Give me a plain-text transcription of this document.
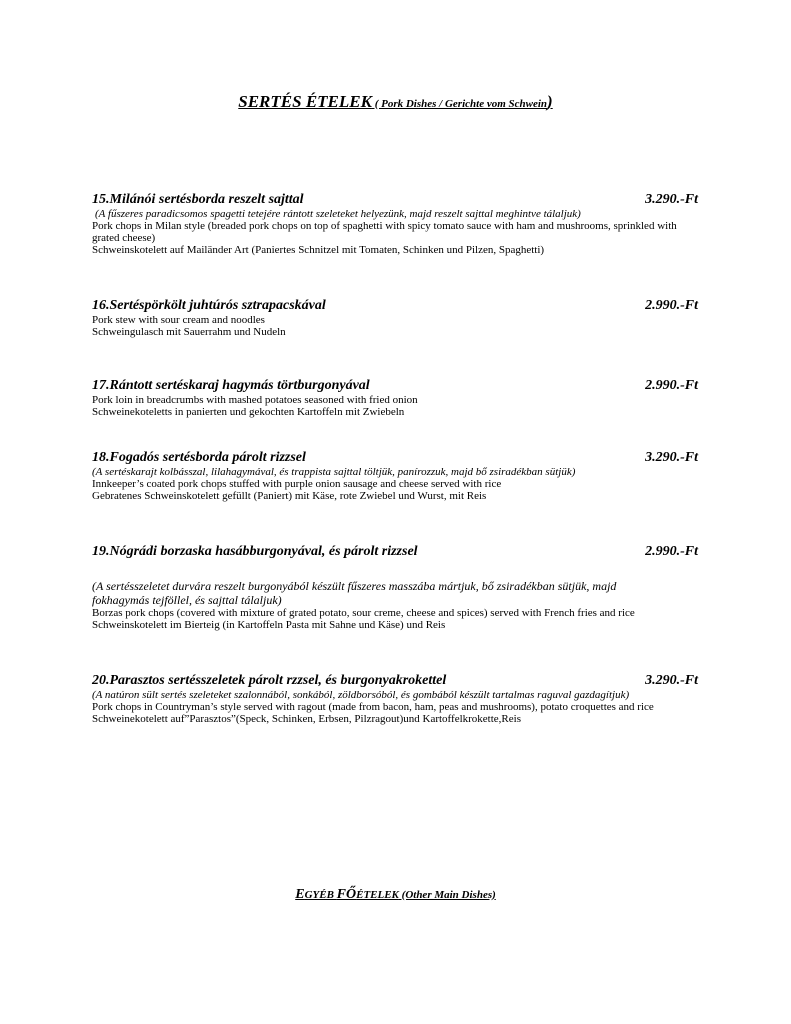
SERTÉS ÉTELEK ( Pork Dishes / Gerichte vom Schwein)
15.Milánói sertésborda reszelt sajttal	3.290.-Ft
(A fűszeres paradicsomos spagetti tetejére rántott szeleteket helyezünk, majd reszelt sajttal meghintve tálaljuk)
Pork chops in Milan style (breaded pork chops on top of spaghetti with spicy tomato sauce with ham and mushrooms, sprinkled with grated cheese)
Schweinskotelett auf Mailänder Art (Paniertes Schnitzel mit Tomaten, Schinken und Pilzen, Spaghetti)
16.Sertéspörkölt juhtúrós sztrapacskával	2.990.-Ft
Pork stew with sour cream and noodles
Schweingulasch mit Sauerrahm und Nudeln
17.Rántott sertéskaraj hagymás törtburgonyával	2.990.-Ft
Pork loin in breadcrumbs with mashed potatoes seasoned with fried onion
Schweinekoteletts in panierten und gekochten Kartoffeln mit Zwiebeln
18.Fogadós sertésborda párolt rizzsel	3.290.-Ft
(A sertéskarajt kolbásszal, lilahagymával, és trappista sajttal töltjük, panírozzuk, majd bő zsiradékban sütjük)
Innkeeper’s coated pork chops stuffed with purple onion sausage and cheese served with rice
Gebratenes Schweinskotelett gefüllt (Paniert) mit Käse, rote Zwiebel und Wurst, mit Reis
19.Nógrádi borzaska hasábburgonyával, és párolt rizzsel	2.990.-Ft
(A sertésszeletet durvára reszelt burgonyából készült fűszeres masszába mártjuk, bő zsiradékban sütjük, majd
fokhagymás tejföllel, és sajttal tálaljuk)
Borzas pork chops (covered with mixture of grated potato, sour creme, cheese and spices) served with French fries and rice
Schweinskotelett im Bierteig (in Kartoffeln Pasta mit Sahne und Käse) und Reis
20.Parasztos sertésszeletek párolt rzzsel, és burgonyakrokettel	3.290.-Ft
(A natúron sült sertés szeleteket szalonnából, sonkából, zöldborsóból, és gombából készült tartalmas raguval gazdagítjuk)
Pork chops in Countryman’s style served with ragout (made from bacon, ham, peas and mushrooms), potato croquettes and rice
Schweinekotelett auf”Parasztos”(Speck, Schinken, Erbsen, Pilzragout)und Kartoffelkrokette,Reis
EGYÉB FŐÉTELEK (Other Main Dishes)
